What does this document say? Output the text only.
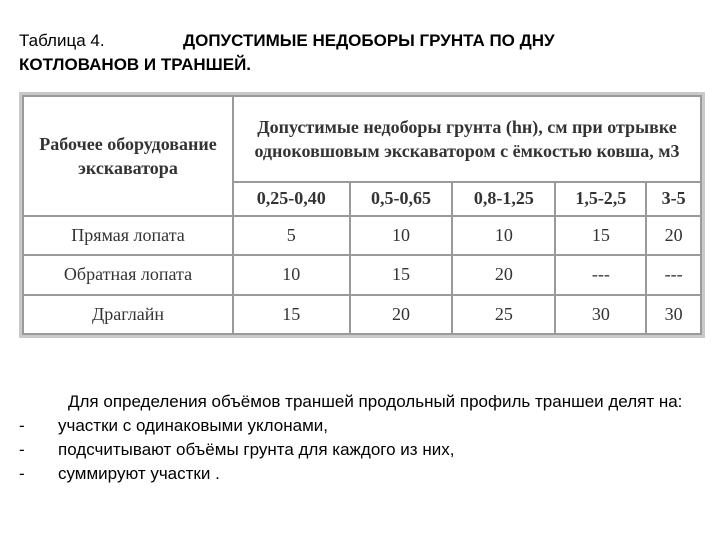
Таблица 4.	ДОПУСТИМЫЕ НЕДОБОРЫ ГРУНТА ПО ДНУ
КОТЛОВАНОВ И ТРАНШЕЙ.
Рабочее оборудование экскаватора	Допустимые недоборы грунта (hн), см при отрывке одноковшовым экскаватором с ёмкостью ковша, м3				
	0,25-0,40	0,5-0,65	0,8-1,25	1,5-2,5	3-5
Прямая лопата	5	10	10	15	20
Обратная лопата	10	15	20	---	---
Драглайн	15	20	25	30	30
Для определения объёмов траншей продольный профиль траншеи делят на:
- участки с одинаковыми уклонами,
- подсчитывают объёмы грунта для каждого из них,
- суммируют участки .
